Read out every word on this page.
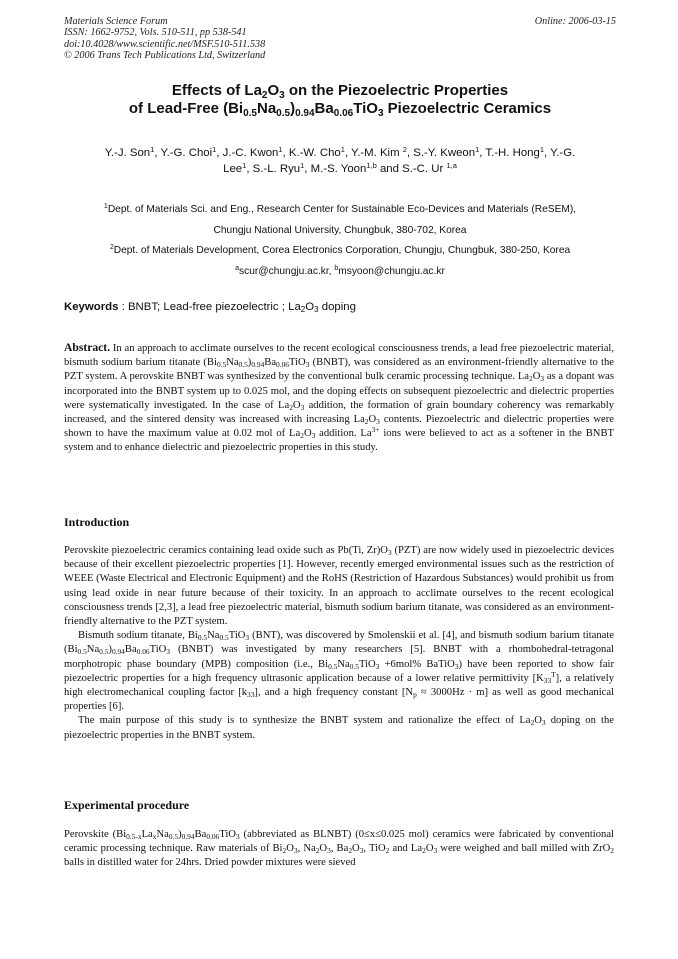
Materials Science Forum
ISSN: 1662-9752, Vols. 510-511, pp 538-541
doi:10.4028/www.scientific.net/MSF.510-511.538
© 2006 Trans Tech Publications Ltd, Switzerland
Online: 2006-03-15
Effects of $La_2O_3$ on the Piezoelectric Properties
of Lead-Free $(Bi_{0.5}Na_{0.5})_{0.94}Ba_{0.06}TiO_3$ Piezoelectric Ceramics
Y.-J. Son$^1$, Y.-G. Choi$^1$, J.-C. Kwon$^1$, K.-W. Cho$^1$, Y.-M. Kim $^2$, S.-Y. Kweon$^1$, T.-H. Hong$^1$, Y.-G.
Lee$^1$, S.-L. Ryu$^1$, M.-S. Yoon$^{1,b}$ and S.-C. Ur $^{1,a}$
$^1$Dept. of Materials Sci. and Eng., Research Center for Sustainable Eco-Devices and Materials (ReSEM),
Chungju National University, Chungbuk, 380-702, Korea
$^2$Dept. of Materials Development, Corea Electronics Corporation, Chungju, Chungbuk, 380-250, Korea
$^a$scur@chungju.ac.kr, $^b$msyoon@chungju.ac.kr
Keywords : BNBT; Lead-free piezoelectric ; $La_2O_3$ doping

Abstract. In an approach to acclimate ourselves to the recent ecological consciousness trends, a lead free piezoelectric material, bismuth sodium barium titanate $(Bi_{0.5}Na_{0.5})_{0.94}Ba_{0.06}TiO_3$ (BNBT), was considered as an environment-friendly alternative to the PZT system. A perovskite BNBT was synthesized by the conventional bulk ceramic processing technique. $La_2O_3$ as a dopant was incorporated into the BNBT system up to 0.025 mol, and the doping effects on subsequent piezoelectric and dielectric properties were systematically investigated. In the case of $La_2O_3$ addition, the formation of grain boundary coherency was remarkably increased, and the sintered density was increased with increasing $La_2O_3$ contents. Piezoelectric and dielectric properties were shown to have the maximum value at 0.02 mol of $La_2O_3$ addition. $La^{3+}$ ions were believed to act as a softener in the BNBT system and to enhance dielectric and piezoelectric properties in this study.

Introduction

Perovskite piezoelectric ceramics containing lead oxide such as Pb(Ti, $Zr)O_3$ (PZT) are now widely used in piezoelectric devices because of their excellent piezoelectric properties [1]. However, recently emerged environmental issues such as the restriction of WEEE (Waste Electrical and Electronic Equipment) and the RoHS (Restriction of Hazardous Substances) would prohibit us from using lead oxide in near future because of their toxicity. In an approach to acclimate ourselves to the recent ecological consciousness trends [2,3], a lead free piezoelectric material, bismuth sodium barium titanate, was considered as an environment-friendly alternative to the PZT system.

Bismuth sodium titanate, $Bi_{0.5}Na_{0.5}TiO_3$ (BNT), was discovered by Smolenskii et al. [4], and bismuth sodium barium titanate $(Bi_{0.5}Na_{0.5})_{0.94}Ba_{0.06}TiO_3$ (BNBT) was investigated by many researchers [5]. BNBT with a rhombohedral-tetragonal morphotropic phase boundary (MPB) composition (i.e., $Bi_{0.5}Na_{0.5}TiO_3 +6mol\%$ BaTiO$_3$) have been reported to show fair piezoelectric properties for a high frequency ultrasonic application because of a lower relative permittivity $[K_{33}^T]$, a relatively high electromechanical coupling factor $[k_{33}]$, and a high frequency constant $[N_p \approx 3000Hz \cdot m]$ as well as good mechanical properties [6].

The main purpose of this study is to synthesize the BNBT system and rationalize the effect of $La_2O_3$ doping on the piezoelectric properties in the BNBT system.

Experimental procedure

Perovskite $(Bi_{0.5-x}La_xNa_{0.5})_{0.94}Ba_{0.06}TiO_3$ (abbreviated as BLNBT) (0≤x≤0.025 mol) ceramics were fabricated by conventional ceramic processing technique. Raw materials of $Bi_2O_3$, $Na_2O_3$, $Ba_2O_3$, TiO$_2$ and $La_2O_3$ were weighed and ball milled with ZrO$_2$ balls in distilled water for 24hrs. Dried powder mixtures were sieved
